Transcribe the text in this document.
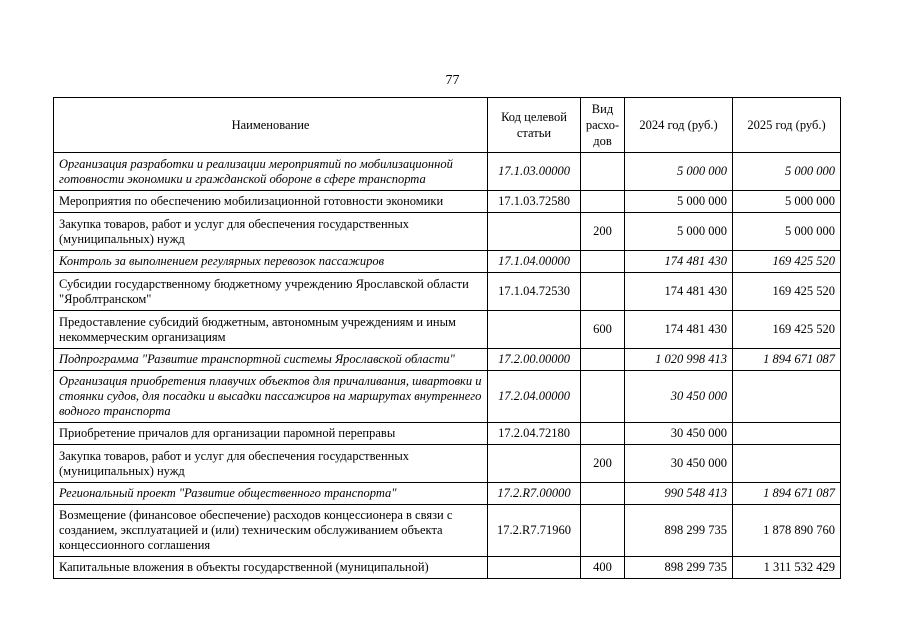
77
Наименование	Код целевой статьи	Вид расхо-дов	2024 год (руб.)	2025 год (руб.)
Организация разработки и реализации мероприятий по мобилизационной готовности экономики и гражданской обороне в сфере транспорта	17.1.03.00000		5 000 000	5 000 000
Мероприятия по обеспечению мобилизационной готовности экономики	17.1.03.72580		5 000 000	5 000 000
Закупка товаров, работ и услуг для обеспечения государственных (муниципальных) нужд		200	5 000 000	5 000 000
Контроль за выполнением регулярных перевозок пассажиров	17.1.04.00000		174 481 430	169 425 520
Субсидии государственному бюджетному учреждению Ярославской области "Яроблтранском"	17.1.04.72530		174 481 430	169 425 520
Предоставление субсидий бюджетным, автономным учреждениям и иным некоммерческим организациям		600	174 481 430	169 425 520
Подпрограмма "Развитие транспортной системы Ярославской области"	17.2.00.00000		1 020 998 413	1 894 671 087
Организация приобретения плавучих объектов для причаливания, швартовки и стоянки судов, для посадки и высадки пассажиров на маршрутах внутреннего водного транспорта	17.2.04.00000		30 450 000	
Приобретение причалов для организации паромной переправы	17.2.04.72180		30 450 000	
Закупка товаров, работ и услуг для обеспечения государственных (муниципальных) нужд		200	30 450 000	
Региональный проект "Развитие общественного транспорта"	17.2.R7.00000		990 548 413	1 894 671 087
Возмещение (финансовое обеспечение) расходов концессионера в связи с созданием, эксплуатацией и (или) техническим обслуживанием объекта концессионного соглашения	17.2.R7.71960		898 299 735	1 878 890 760
Капитальные вложения в объекты государственной (муниципальной)		400	898 299 735	1 311 532 429
